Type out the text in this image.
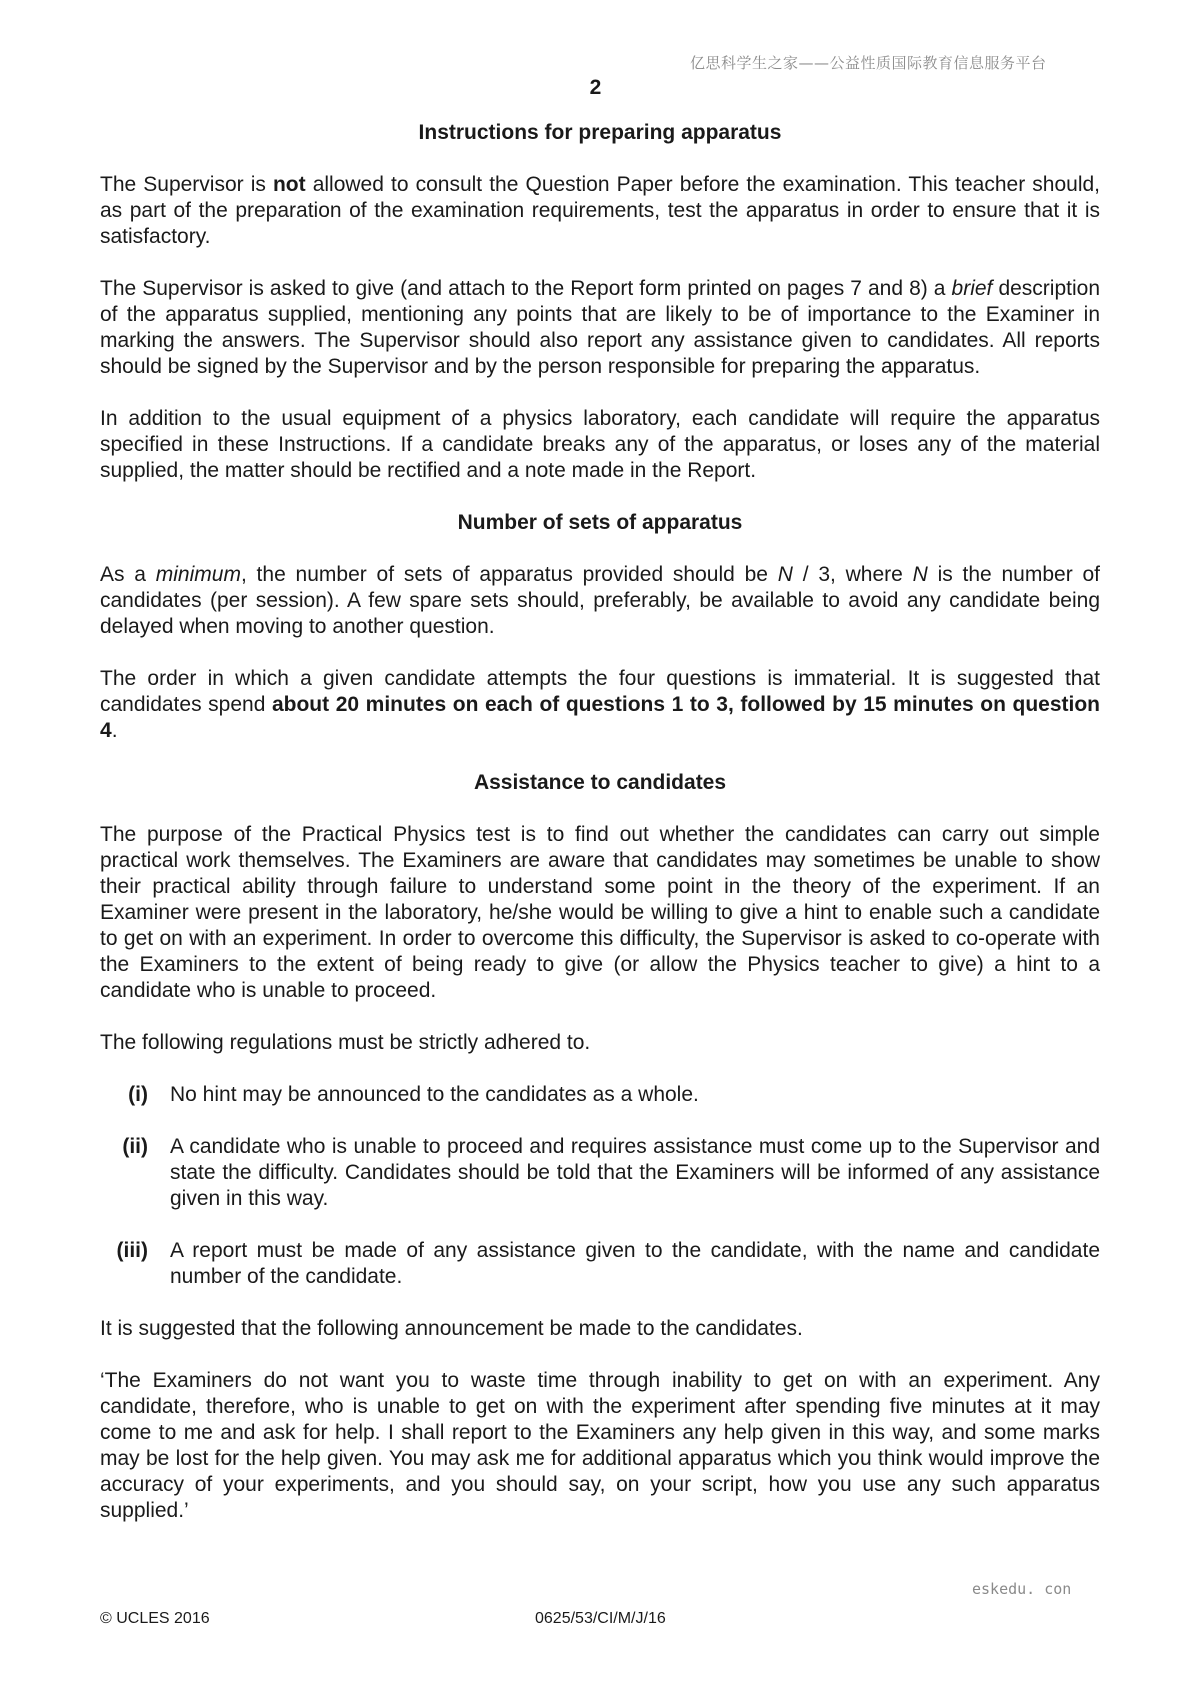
亿思科学生之家——公益性质国际教育信息服务平台
2
Instructions for preparing apparatus

The Supervisor is not allowed to consult the Question Paper before the examination. This teacher should, as part of the preparation of the examination requirements, test the apparatus in order to ensure that it is satisfactory.

The Supervisor is asked to give (and attach to the Report form printed on pages 7 and 8) a brief description of the apparatus supplied, mentioning any points that are likely to be of importance to the Examiner in marking the answers. The Supervisor should also report any assistance given to candidates. All reports should be signed by the Supervisor and by the person responsible for preparing the apparatus.

In addition to the usual equipment of a physics laboratory, each candidate will require the apparatus specified in these Instructions. If a candidate breaks any of the apparatus, or loses any of the material supplied, the matter should be rectified and a note made in the Report.

Number of sets of apparatus

As a minimum, the number of sets of apparatus provided should be N / 3, where N is the number of candidates (per session). A few spare sets should, preferably, be available to avoid any candidate being delayed when moving to another question.

The order in which a given candidate attempts the four questions is immaterial. It is suggested that candidates spend about 20 minutes on each of questions 1 to 3, followed by 15 minutes on question 4.

Assistance to candidates

The purpose of the Practical Physics test is to find out whether the candidates can carry out simple practical work themselves. The Examiners are aware that candidates may sometimes be unable to show their practical ability through failure to understand some point in the theory of the experiment. If an Examiner were present in the laboratory, he/she would be willing to give a hint to enable such a candidate to get on with an experiment. In order to overcome this difficulty, the Supervisor is asked to co-operate with the Examiners to the extent of being ready to give (or allow the Physics teacher to give) a hint to a candidate who is unable to proceed.

The following regulations must be strictly adhered to.

(i)	No hint may be announced to the candidates as a whole.
(ii)	A candidate who is unable to proceed and requires assistance must come up to the Supervisor and state the difficulty. Candidates should be told that the Examiners will be informed of any assistance given in this way.
(iii)	A report must be made of any assistance given to the candidate, with the name and candidate number of the candidate.

It is suggested that the following announcement be made to the candidates.

‘The Examiners do not want you to waste time through inability to get on with an experiment. Any candidate, therefore, who is unable to get on with the experiment after spending five minutes at it may come to me and ask for help. I shall report to the Examiners any help given in this way, and some marks may be lost for the help given. You may ask me for additional apparatus which you think would improve the accuracy of your experiments, and you should say, on your script, how you use any such apparatus supplied.’

eskedu. con
© UCLES 2016	0625/53/CI/M/J/16
